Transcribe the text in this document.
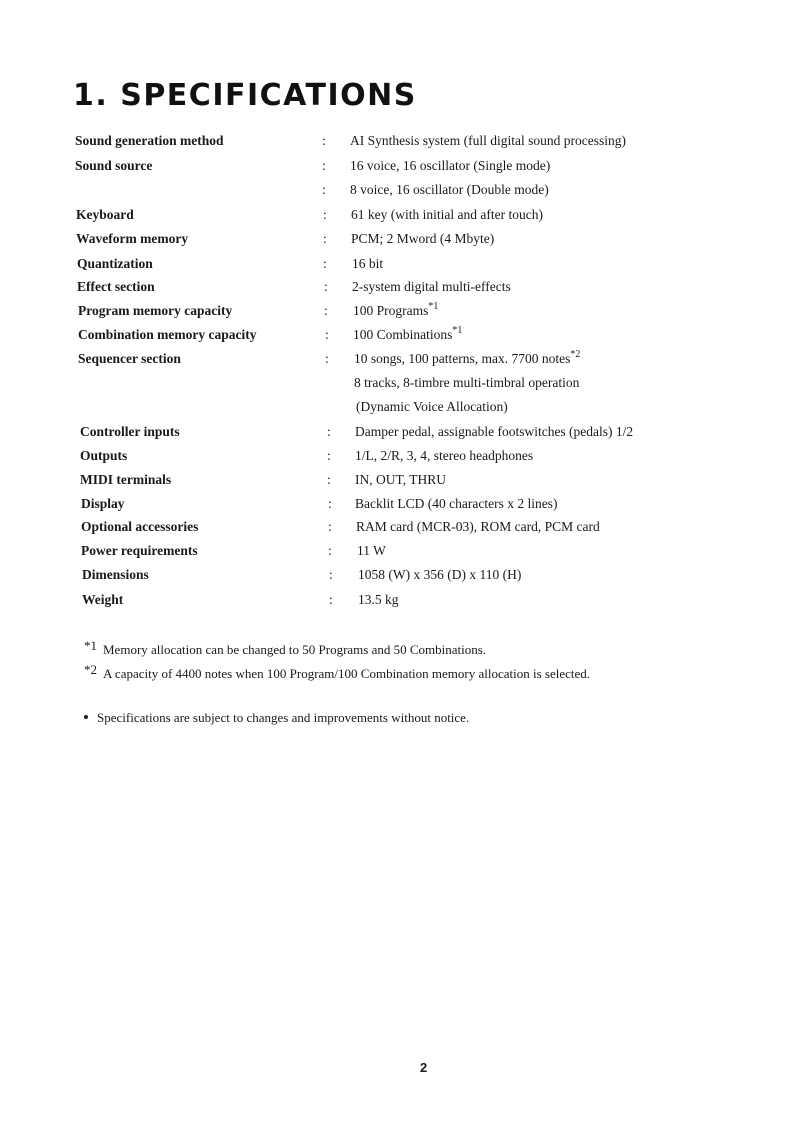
1. SPECIFICATIONS
Sound generation method	: AI Synthesis system (full digital sound processing)
Sound source	: 16 voice, 16 oscillator (Single mode)
: 8 voice, 16 oscillator (Double mode)
Keyboard	: 61 key (with initial and after touch)
Waveform memory	: PCM; 2 Mword (4 Mbyte)
Quantization	: 16 bit
Effect section	: 2-system digital multi-effects
Program memory capacity	: 100 Programs$^{*1}$
Combination memory capacity	: 100 Combinations$^{*1}$
Sequencer section	: 10 songs, 100 patterns, max. 7700 notes$^{*2}$
8 tracks, 8-timbre multi-timbral operation
(Dynamic Voice Allocation)
Controller inputs	: Damper pedal, assignable footswitches (pedals) 1/2
Outputs	: 1/L, 2/R, 3, 4, stereo headphones
MIDI terminals	: IN, OUT, THRU
Display	: Backlit LCD (40 characters x 2 lines)
Optional accessories	: RAM card (MCR-03), ROM card, PCM card
Power requirements	: 11 W
Dimensions	: 1058 (W) x 356 (D) x 110 (H)
Weight	: 13.5 kg
*1 Memory allocation can be changed to 50 Programs and 50 Combinations.
*2 A capacity of 4400 notes when 100 Program/100 Combination memory allocation is selected.
Specifications are subject to changes and improvements without notice.
2
